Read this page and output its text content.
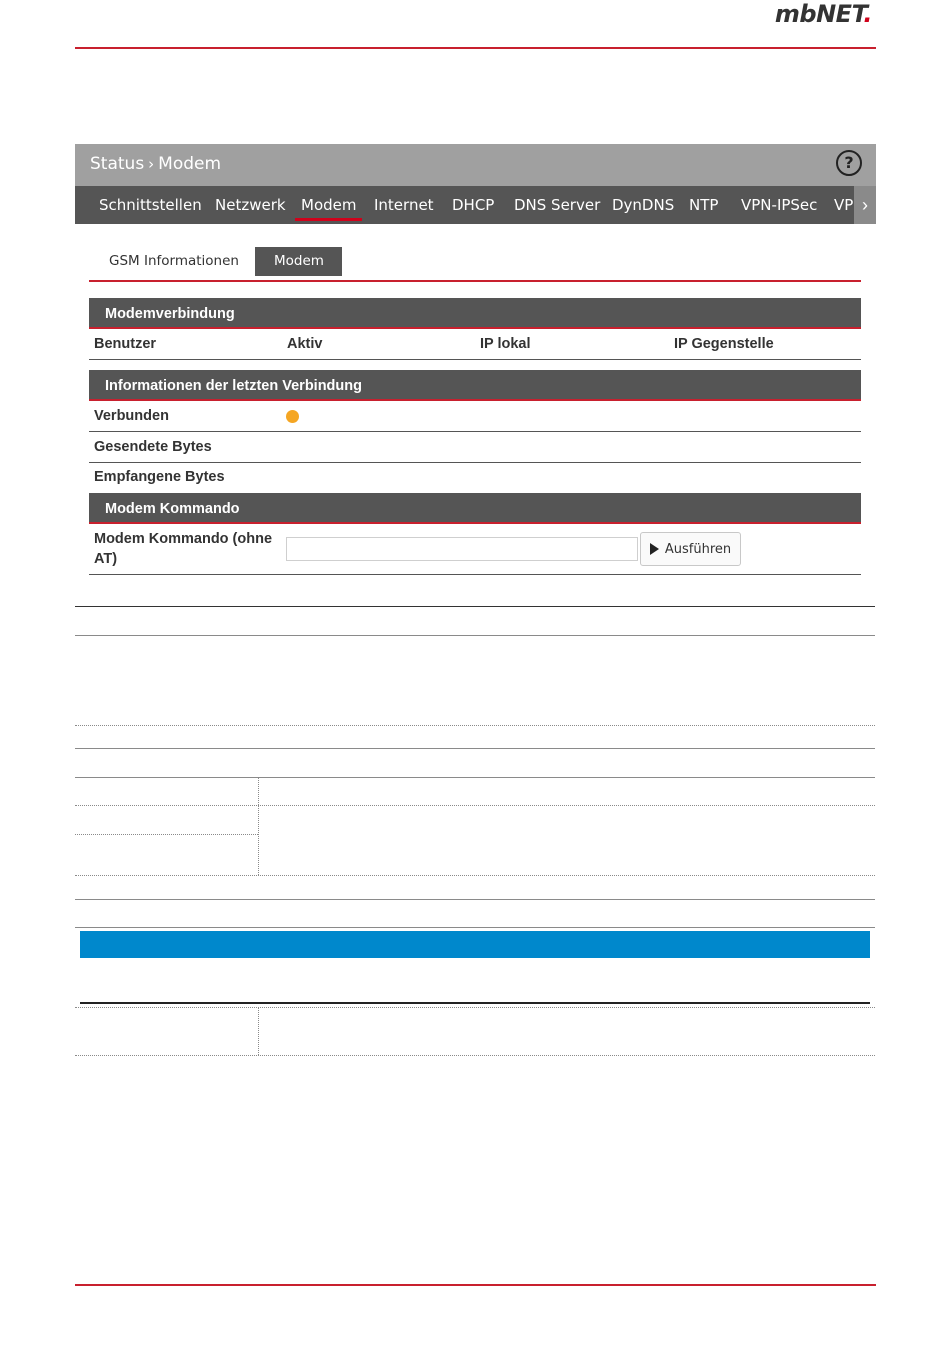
mbNET.
Status › Modem	?
Schnittstellen Netzwerk Modem Internet DHCP DNS Server DynDNS NTP VPN-IPSec VP ›
GSM Informationen	Modem
Modemverbindung
Benutzer	Aktiv	IP lokal	IP Gegenstelle
Informationen der letzten Verbindung
Verbunden
Gesendete Bytes
Empfangene Bytes
Modem Kommando
Modem Kommando (ohne
AT)
Ausführen
